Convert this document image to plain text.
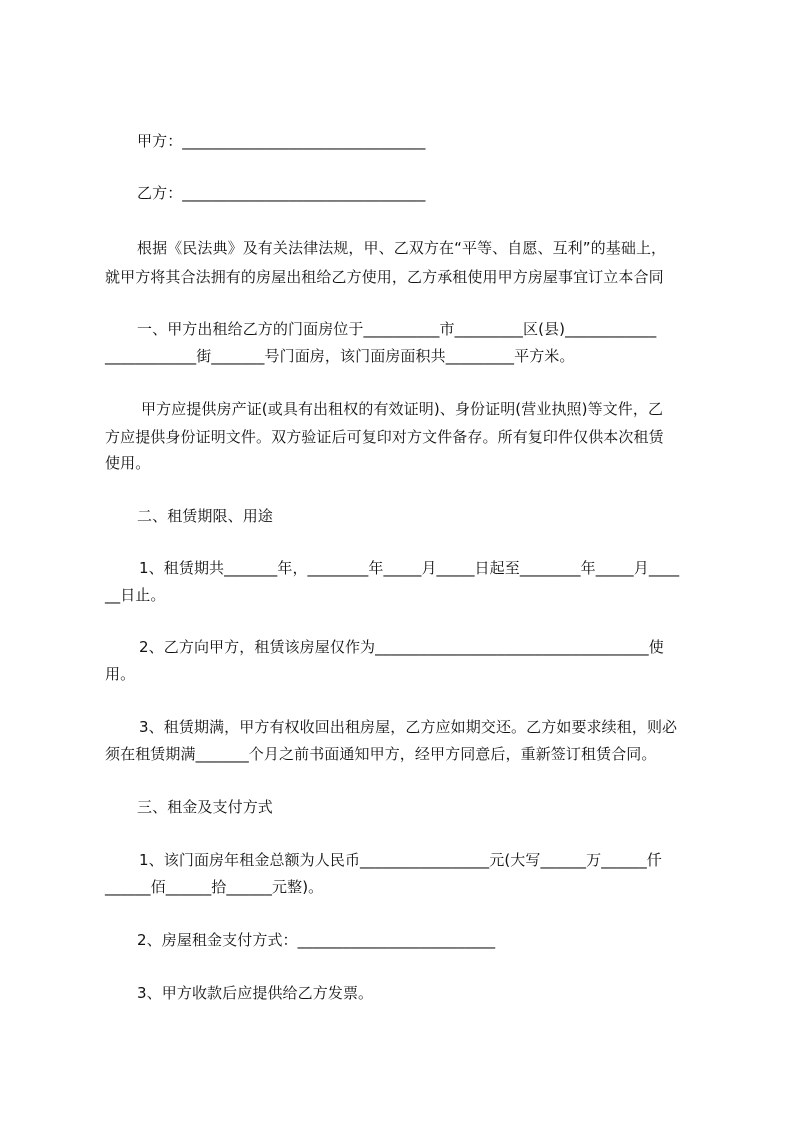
甲方：________________________________
乙方：________________________________
根据《民法典》及有关法律法规，甲、乙双方在“平等、自愿、互利”的基础上，
就甲方将其合法拥有的房屋出租给乙方使用，乙方承租使用甲方房屋事宜订立本合同
一、甲方出租给乙方的门面房位于__________市_________区(县)____________
____________街_______号门面房，该门面房面积共_________平方米。
甲方应提供房产证(或具有出租权的有效证明)、身份证明(营业执照)等文件，乙
方应提供身份证明文件。双方验证后可复印对方文件备存。所有复印件仅供本次租赁
使用。
二、租赁期限、用途
1、租赁期共_______年，________年_____月_____日起至________年_____月____
__日止。
2、乙方向甲方，租赁该房屋仅作为____________________________________使
用。
3、租赁期满，甲方有权收回出租房屋，乙方应如期交还。乙方如要求续租，则必
须在租赁期满_______个月之前书面通知甲方，经甲方同意后，重新签订租赁合同。
三、租金及支付方式
1、该门面房年租金总额为人民币_________________元(大写______万______仟
______佰______拾______元整)。
2、房屋租金支付方式：__________________________
3、甲方收款后应提供给乙方发票。
